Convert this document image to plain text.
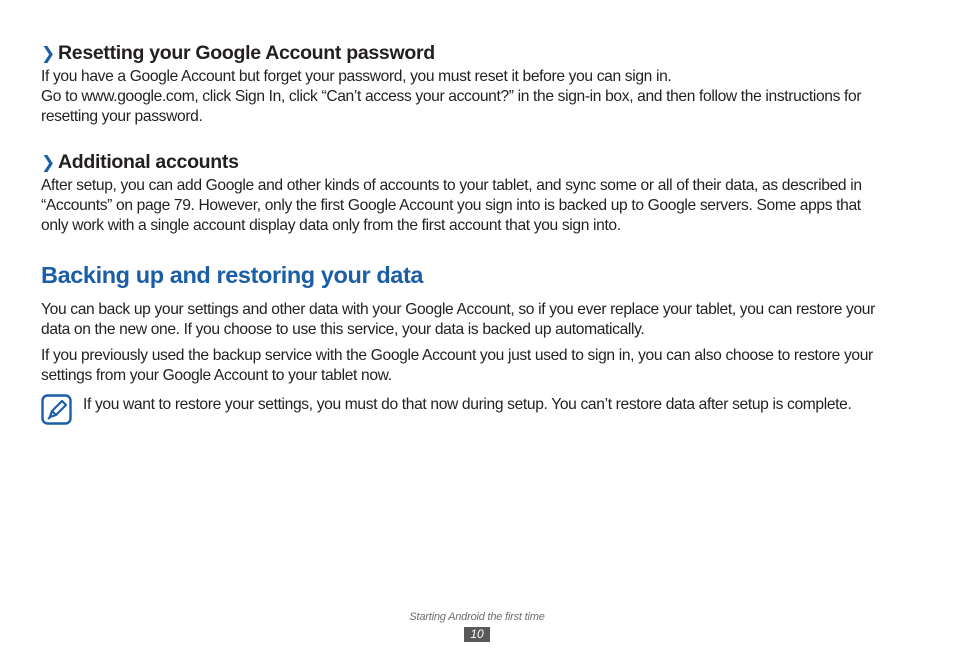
❯ Resetting your Google Account password

If you have a Google Account but forget your password, you must reset it before you can sign in.

Go to www.google.com, click Sign In, click “Can’t access your account?” in the sign-in box, and then follow the instructions for resetting your password.

❯ Additional accounts

After setup, you can add Google and other kinds of accounts to your tablet, and sync some or all of their data, as described in “Accounts” on page 79. However, only the first Google Account you sign into is backed up to Google servers. Some apps that only work with a single account display data only from the first account that you sign into.

Backing up and restoring your data

You can back up your settings and other data with your Google Account, so if you ever replace your tablet, you can restore your data on the new one. If you choose to use this service, your data is backed up automatically.

If you previously used the backup service with the Google Account you just used to sign in, you can also choose to restore your settings from your Google Account to your tablet now.

If you want to restore your settings, you must do that now during setup. You can’t restore data after setup is complete.
Starting Android the first time
10
